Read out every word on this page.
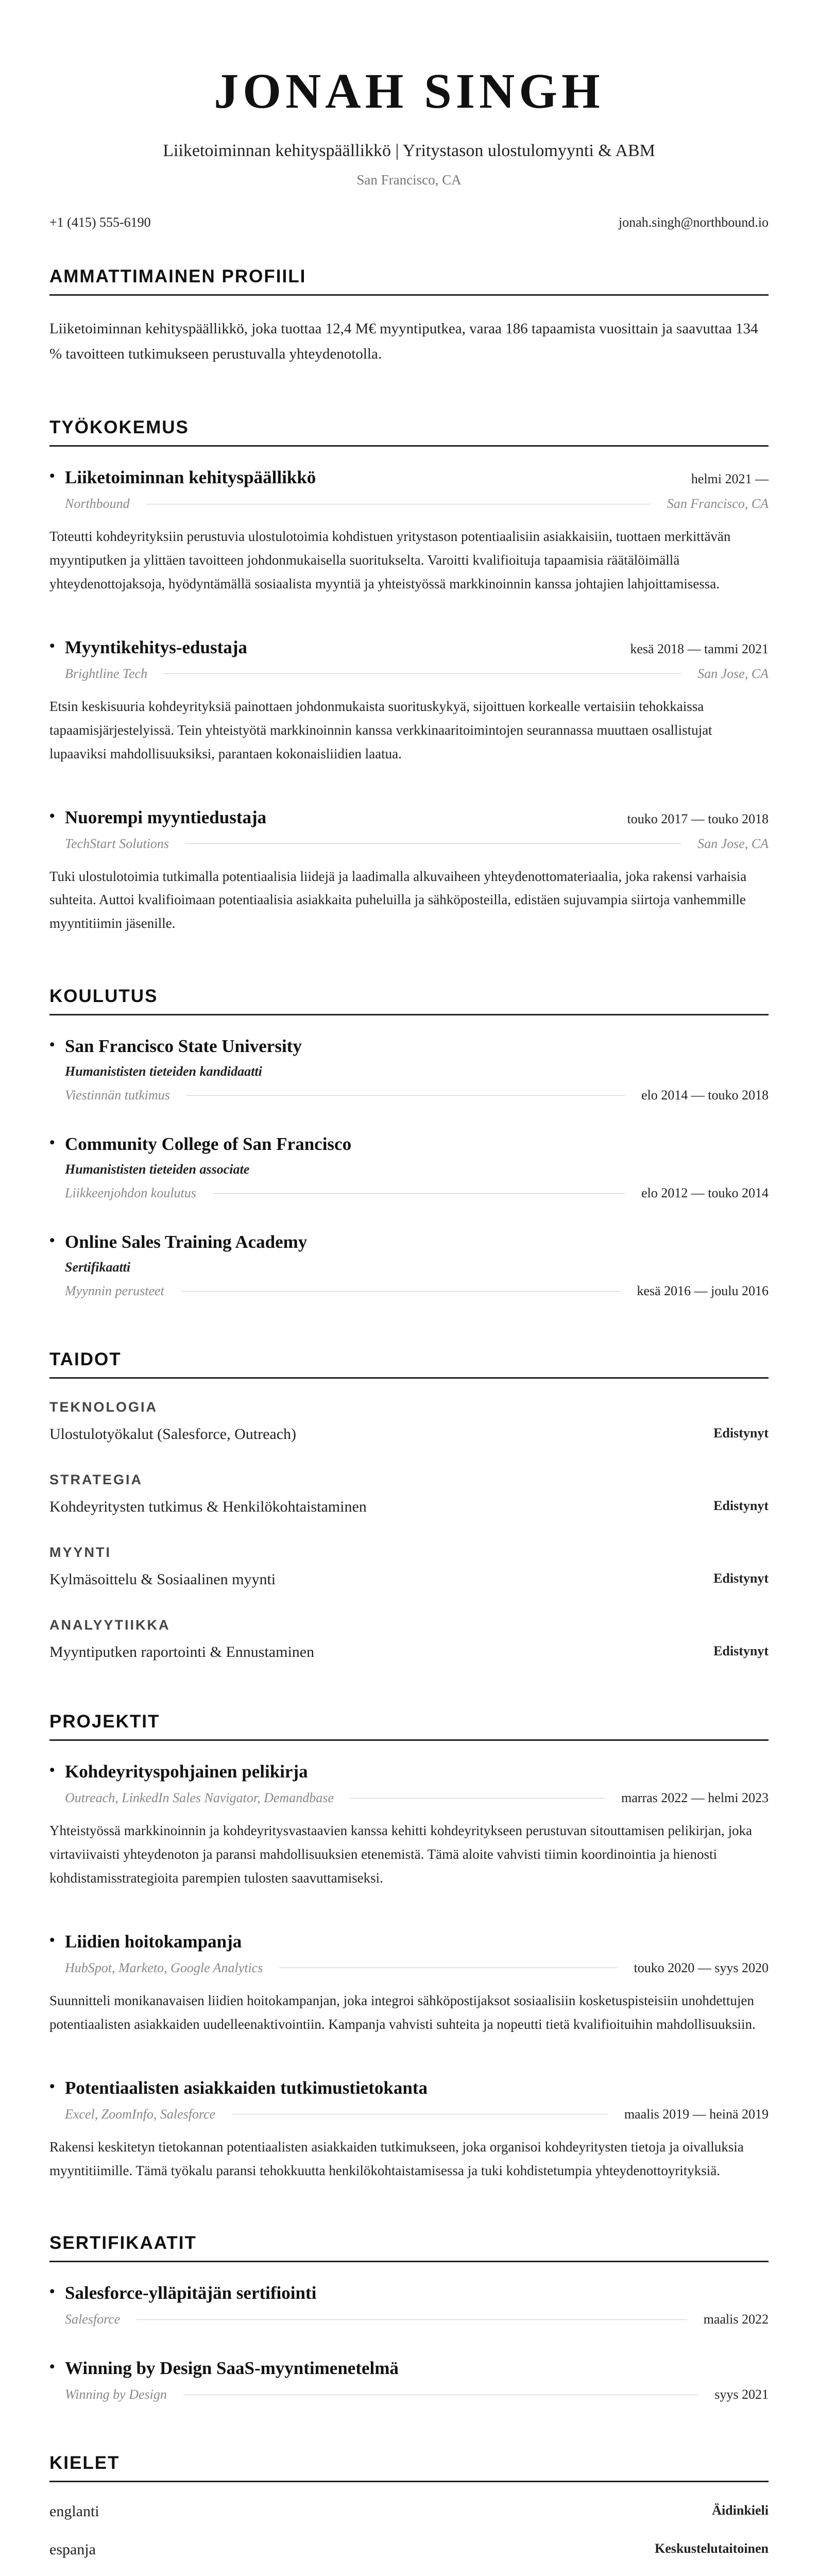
JONAH SINGH
Liiketoiminnan kehityspäällikkö | Yritystason ulostulomyynti & ABM
San Francisco, CA
+1 (415) 555-6190	jonah.singh@northbound.io
AMMATTIMAINEN PROFIILI
Liiketoiminnan kehityspäällikkö, joka tuottaa 12,4 M€ myyntiputkea, varaa 186 tapaamista vuosittain ja saavuttaa 134 % tavoitteen tutkimukseen perustuvalla yhteydenotolla.
TYÖKOKEMUS
• Liiketoiminnan kehityspäällikkö	helmi 2021 —
Northbound	San Francisco, CA
Toteutti kohdeyrityksiin perustuvia ulostulotoimia kohdistuen yritystason potentiaalisiin asiakkaisiin, tuottaen merkittävän myyntiputken ja ylittäen tavoitteen johdonmukaisella suoritukselta. Varoitti kvalifioituja tapaamisia räätälöimällä yhteydenottojaksoja, hyödyntämällä sosiaalista myyntiä ja yhteistyössä markkinoinnin kanssa johtajien lahjoittamisessa.
• Myyntikehitys-edustaja	kesä 2018 — tammi 2021
Brightline Tech	San Jose, CA
Etsin keskisuuria kohdeyrityksiä painottaen johdonmukaista suorituskykyä, sijoittuen korkealle vertaisiin tehokkaissa tapaamisjärjestelyissä. Tein yhteistyötä markkinoinnin kanssa verkkinaaritoimintojen seurannassa muuttaen osallistujat lupaaviksi mahdollisuuksiksi, parantaen kokonaisliidien laatua.
• Nuorempi myyntiedustaja	touko 2017 — touko 2018
TechStart Solutions	San Jose, CA
Tuki ulostulotoimia tutkimalla potentiaalisia liidejä ja laadimalla alkuvaiheen yhteydenottomateriaalia, joka rakensi varhaisia suhteita. Auttoi kvalifioimaan potentiaalisia asiakkaita puheluilla ja sähköposteilla, edistäen sujuvampia siirtoja vanhemmille myyntitiimin jäsenille.
KOULUTUS
• San Francisco State University
Humanististen tieteiden kandidaatti
Viestinnän tutkimus	elo 2014 — touko 2018
• Community College of San Francisco
Humanististen tieteiden associate
Liikkeenjohdon koulutus	elo 2012 — touko 2014
• Online Sales Training Academy
Sertifikaatti
Myynnin perusteet	kesä 2016 — joulu 2016
TAIDOT
TEKNOLOGIA
Ulostulotyökalut (Salesforce, Outreach)	Edistynyt
STRATEGIA
Kohdeyritysten tutkimus & Henkilökohtaistaminen	Edistynyt
MYYNTI
Kylmäsoittelu & Sosiaalinen myynti	Edistynyt
ANALYYTIIKKA
Myyntiputken raportointi & Ennustaminen	Edistynyt
PROJEKTIT
• Kohdeyrityspohjainen pelikirja
Outreach, LinkedIn Sales Navigator, Demandbase	marras 2022 — helmi 2023
Yhteistyössä markkinoinnin ja kohdeyritysvastaavien kanssa kehitti kohdeyritykseen perustuvan sitouttamisen pelikirjan, joka virtaviivaisti yhteydenoton ja paransi mahdollisuuksien etenemistä. Tämä aloite vahvisti tiimin koordinointia ja hienosti kohdistamisstrategioita parempien tulosten saavuttamiseksi.
• Liidien hoitokampanja
HubSpot, Marketo, Google Analytics	touko 2020 — syys 2020
Suunnitteli monikanavaisen liidien hoitokampanjan, joka integroi sähköpostijaksot sosiaalisiin kosketuspisteisiin unohdettujen potentiaalisten asiakkaiden uudelleenaktivointiin. Kampanja vahvisti suhteita ja nopeutti tietä kvalifioituihin mahdollisuuksiin.
• Potentiaalisten asiakkaiden tutkimustietokanta
Excel, ZoomInfo, Salesforce	maalis 2019 — heinä 2019
Rakensi keskitetyn tietokannan potentiaalisten asiakkaiden tutkimukseen, joka organisoi kohdeyritysten tietoja ja oivalluksia myyntitiimille. Tämä työkalu paransi tehokkuutta henkilökohtaistamisessa ja tuki kohdistetumpia yhteydenottoyrityksiä.
SERTIFIKAATIT
• Salesforce-ylläpitäjän sertifiointi
Salesforce	maalis 2022
• Winning by Design SaaS-myyntimenetelmä
Winning by Design	syys 2021
KIELET
englanti	Äidinkieli
espanja	Keskustelutaitoinen
